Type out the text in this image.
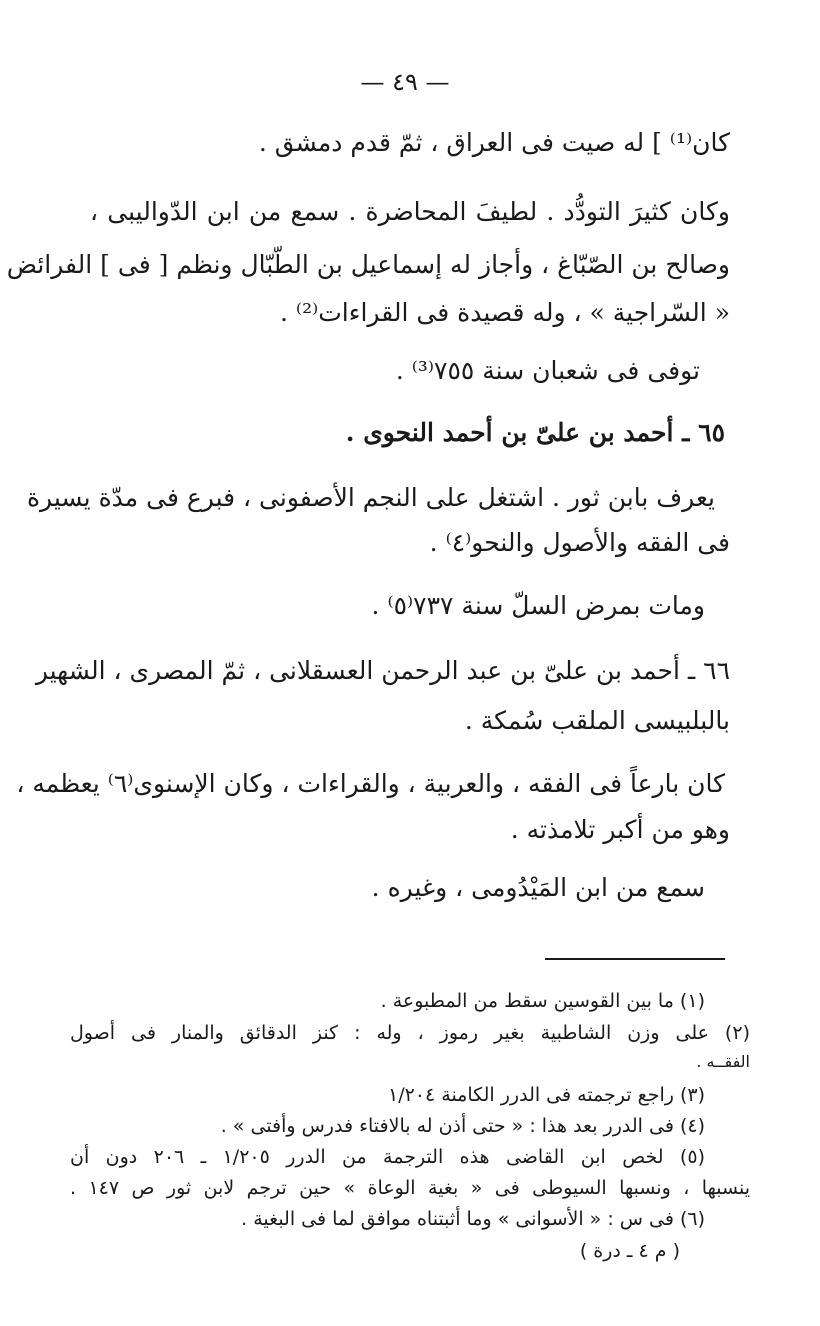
— ٤٩ —
كان⁽¹⁾ ] له صيت فى العراق ، ثمّ قدم دمشق .
وكان كثيرَ التودُّد . لطيفَ المحاضرة . سمع من ابن الدّواليبى ،
وصالح بن الصّبّاغ ، وأجاز له إسماعيل بن الطّبّال ونظم [ فى ] الفرائض
« السّراجية » ، وله قصيدة فى القراءات⁽²⁾ .
توفى فى شعبان سنة ٧٥٥⁽³⁾ .
٦٥ ـ أحمد بن علىّ بن أحمد النحوى .
يعرف بابن ثور . اشتغل على النجم الأصفونى ، فبرع فى مدّة يسيرة
فى الفقه والأصول والنحو⁽٤⁾ .
ومات بمرض السلّ سنة ٧٣٧⁽٥⁾ .
٦٦ ـ أحمد بن علىّ بن عبد الرحمن العسقلانى ، ثمّ المصرى ، الشهير
بالبلبيسى الملقب سُمكة .
كان بارعاً فى الفقه ، والعربية ، والقراءات ، وكان الإسنوى⁽٦⁾ يعظمه ،
وهو من أكبر تلامذته .
سمع من ابن المَيْدُومى ، وغيره .
(١) ما بين القوسين سقط من المطبوعة .
(٢) على وزن الشاطبية بغير رموز ، وله : كنز الدقائق والمنار فى أصول
الفقــه .
(٣) راجع ترجمته فى الدرر الكامنة ١/٢٠٤
(٤) فى الدرر بعد هذا : « حتى أذن له بالافتاء فدرس وأفتى » .
(٥) لخص ابن القاضى هذه الترجمة من الدرر ١/٢٠٥ ـ ٢٠٦ دون أن
ينسبها ، ونسبها السيوطى فى « بغية الوعاة » حين ترجم لابن ثور ص ١٤٧ .
(٦) فى س : « الأسوانى » وما أثبتناه موافق لما فى البغية .
( م ٤ ـ درة )
